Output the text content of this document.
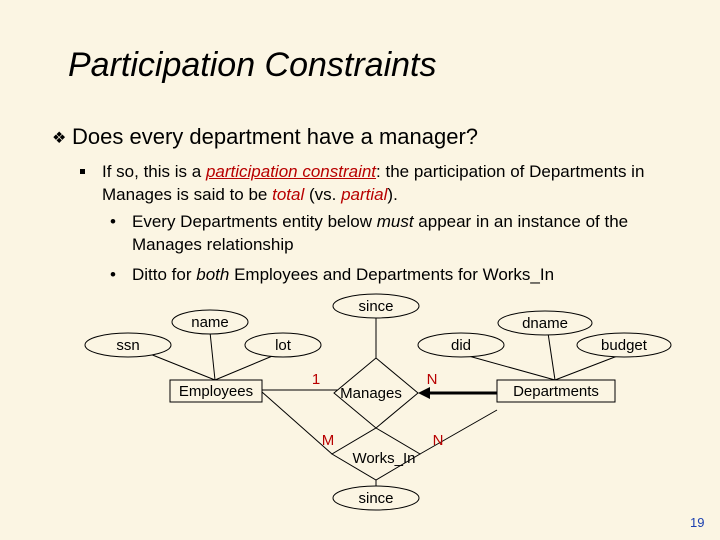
Participation Constraints
❖ Does every department have a manager?
If so, this is a participation constraint: the participation of Departments in Manages is said to be total (vs. partial).
• Every Departments entity below must appear in an instance of the Manages relationship
• Ditto for both Employees and Departments for Works_In
ssn
name
lot
since
dname
did	budget
Employees	Departments
Manages
Works_In
since
1	N
M	N
19
